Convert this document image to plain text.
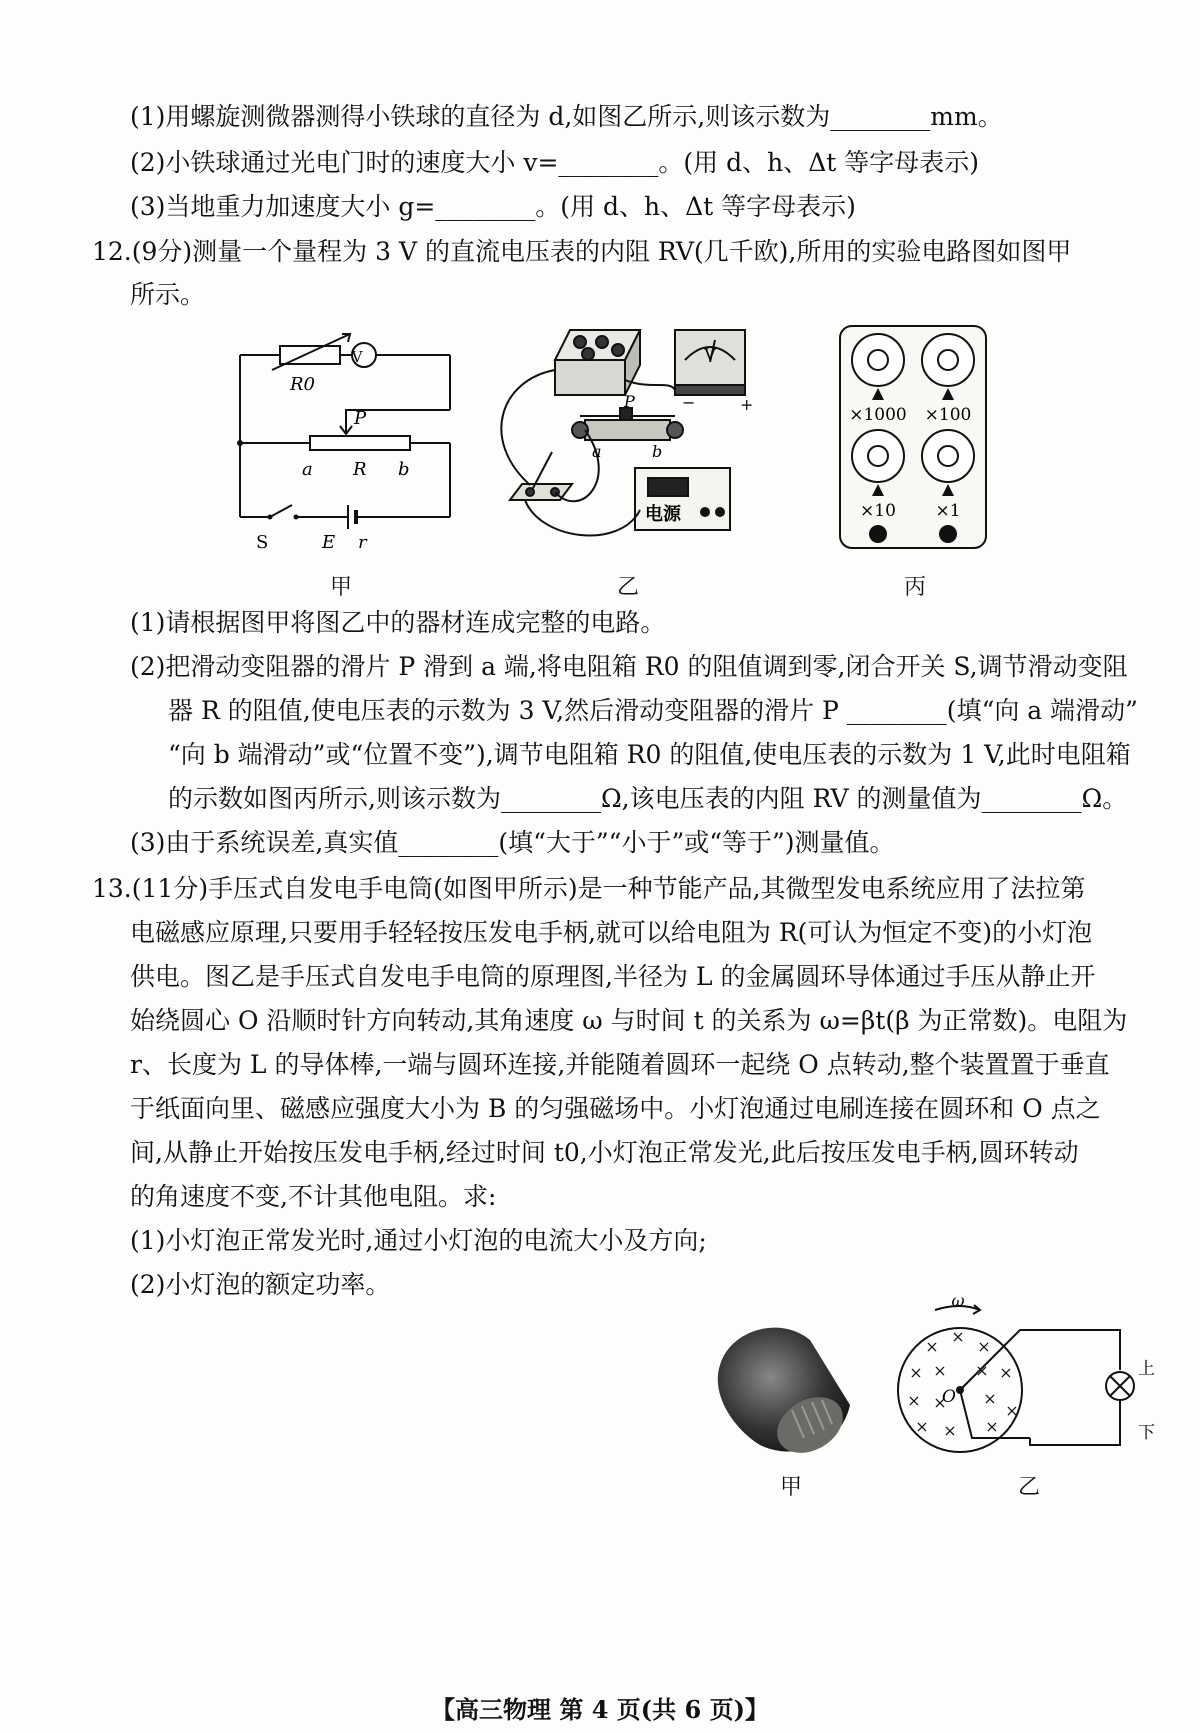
(1)用螺旋测微器测得小铁球的直径为 d,如图乙所示,则该示数为________mm。
(2)小铁球通过光电门时的速度大小 v=________。(用 d、h、Δt 等字母表示)
(3)当地重力加速度大小 g=________。(用 d、h、Δt 等字母表示)
12.(9分)测量一个量程为 3 V 的直流电压表的内阻 RV(几千欧),所用的实验电路图如图甲
所示。
V
R0
P
a R b
S	E r
P
a	b
V
−	+
电源
×1000 ×100
×10 ×1
甲	乙	丙
(1)请根据图甲将图乙中的器材连成完整的电路。
(2)把滑动变阻器的滑片 P 滑到 a 端,将电阻箱 R0 的阻值调到零,闭合开关 S,调节滑动变阻
器 R 的阻值,使电压表的示数为 3 V,然后滑动变阻器的滑片 P ________(填“向 a 端滑动”
“向 b 端滑动”或“位置不变”),调节电阻箱 R0 的阻值,使电压表的示数为 1 V,此时电阻箱
的示数如图丙所示,则该示数为________Ω,该电压表的内阻 RV 的测量值为________Ω。
(3)由于系统误差,真实值________(填“大于”“小于”或“等于”)测量值。
13.(11分)手压式自发电手电筒(如图甲所示)是一种节能产品,其微型发电系统应用了法拉第
电磁感应原理,只要用手轻轻按压发电手柄,就可以给电阻为 R(可认为恒定不变)的小灯泡
供电。图乙是手压式自发电手电筒的原理图,半径为 L 的金属圆环导体通过手压从静止开
始绕圆心 O 沿顺时针方向转动,其角速度 ω 与时间 t 的关系为 ω=βt(β 为正常数)。电阻为
r、长度为 L 的导体棒,一端与圆环连接,并能随着圆环一起绕 O 点转动,整个装置置于垂直
于纸面向里、磁感应强度大小为 B 的匀强磁场中。小灯泡通过电刷连接在圆环和 O 点之
间,从静止开始按压发电手柄,经过时间 t0,小灯泡正常发光,此后按压发电手柄,圆环转动
的角速度不变,不计其他电阻。求:
(1)小灯泡正常发光时,通过小灯泡的电流大小及方向;
(2)小灯泡的额定功率。
甲
×
×
×
× × × ×
× × ×
× × ×
×
ω
O
上
下
乙
【高三物理 第 4 页(共 6 页)】
